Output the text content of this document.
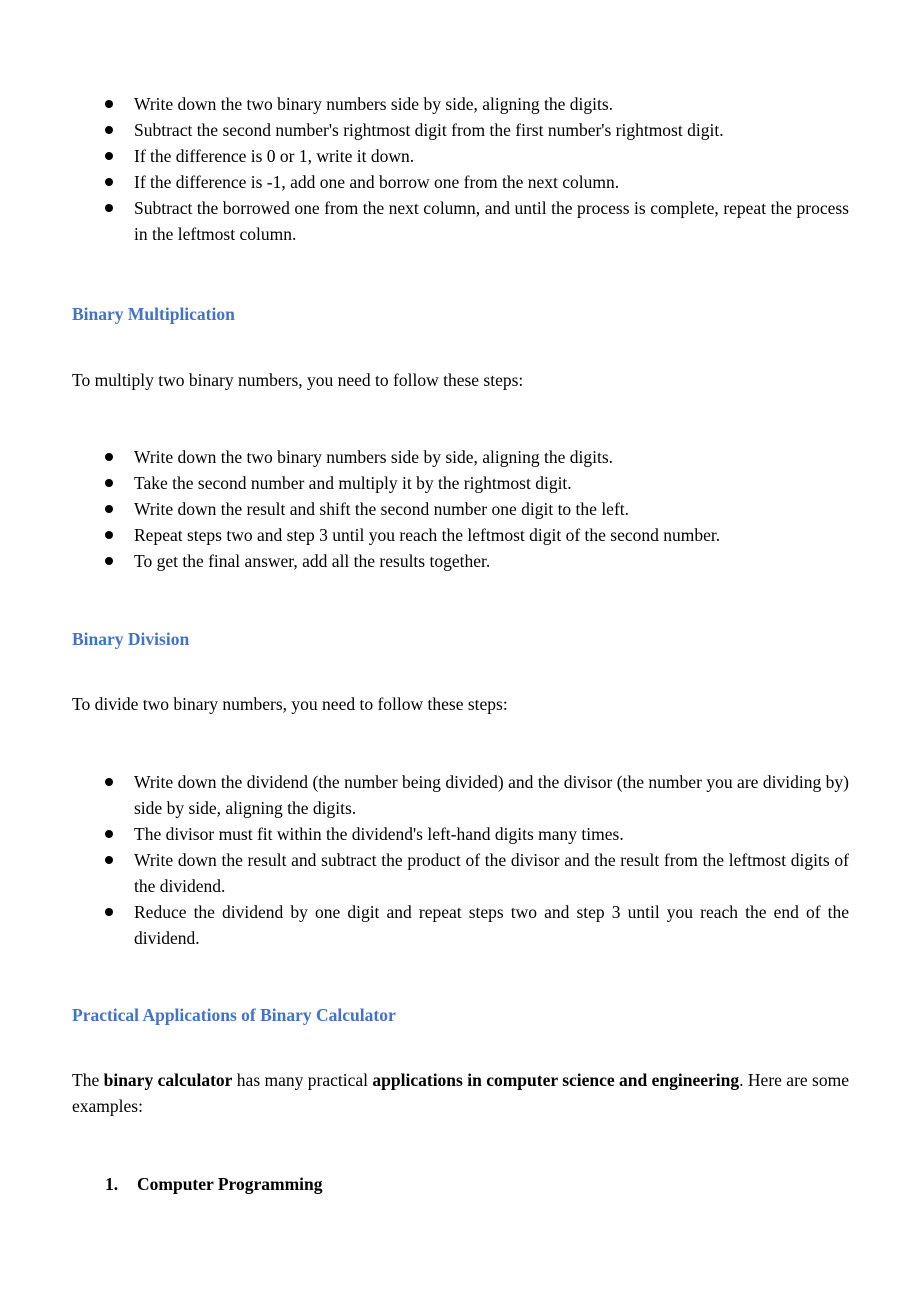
Write down the two binary numbers side by side, aligning the digits.
Subtract the second number's rightmost digit from the first number's rightmost digit.
If the difference is 0 or 1, write it down.
If the difference is -1, add one and borrow one from the next column.
Subtract the borrowed one from the next column, and until the process is complete, repeat the process in the leftmost column.
Binary Multiplication

To multiply two binary numbers, you need to follow these steps:

Write down the two binary numbers side by side, aligning the digits.
Take the second number and multiply it by the rightmost digit.
Write down the result and shift the second number one digit to the left.
Repeat steps two and step 3 until you reach the leftmost digit of the second number.
To get the final answer, add all the results together.
Binary Division

To divide two binary numbers, you need to follow these steps:

Write down the dividend (the number being divided) and the divisor (the number you are dividing by) side by side, aligning the digits.
The divisor must fit within the dividend's left-hand digits many times.
Write down the result and subtract the product of the divisor and the result from the leftmost digits of the dividend.
Reduce the dividend by one digit and repeat steps two and step 3 until you reach the end of the dividend.
Practical Applications of Binary Calculator

The binary calculator has many practical applications in computer science and engineering. Here are some examples:

1. Computer Programming
